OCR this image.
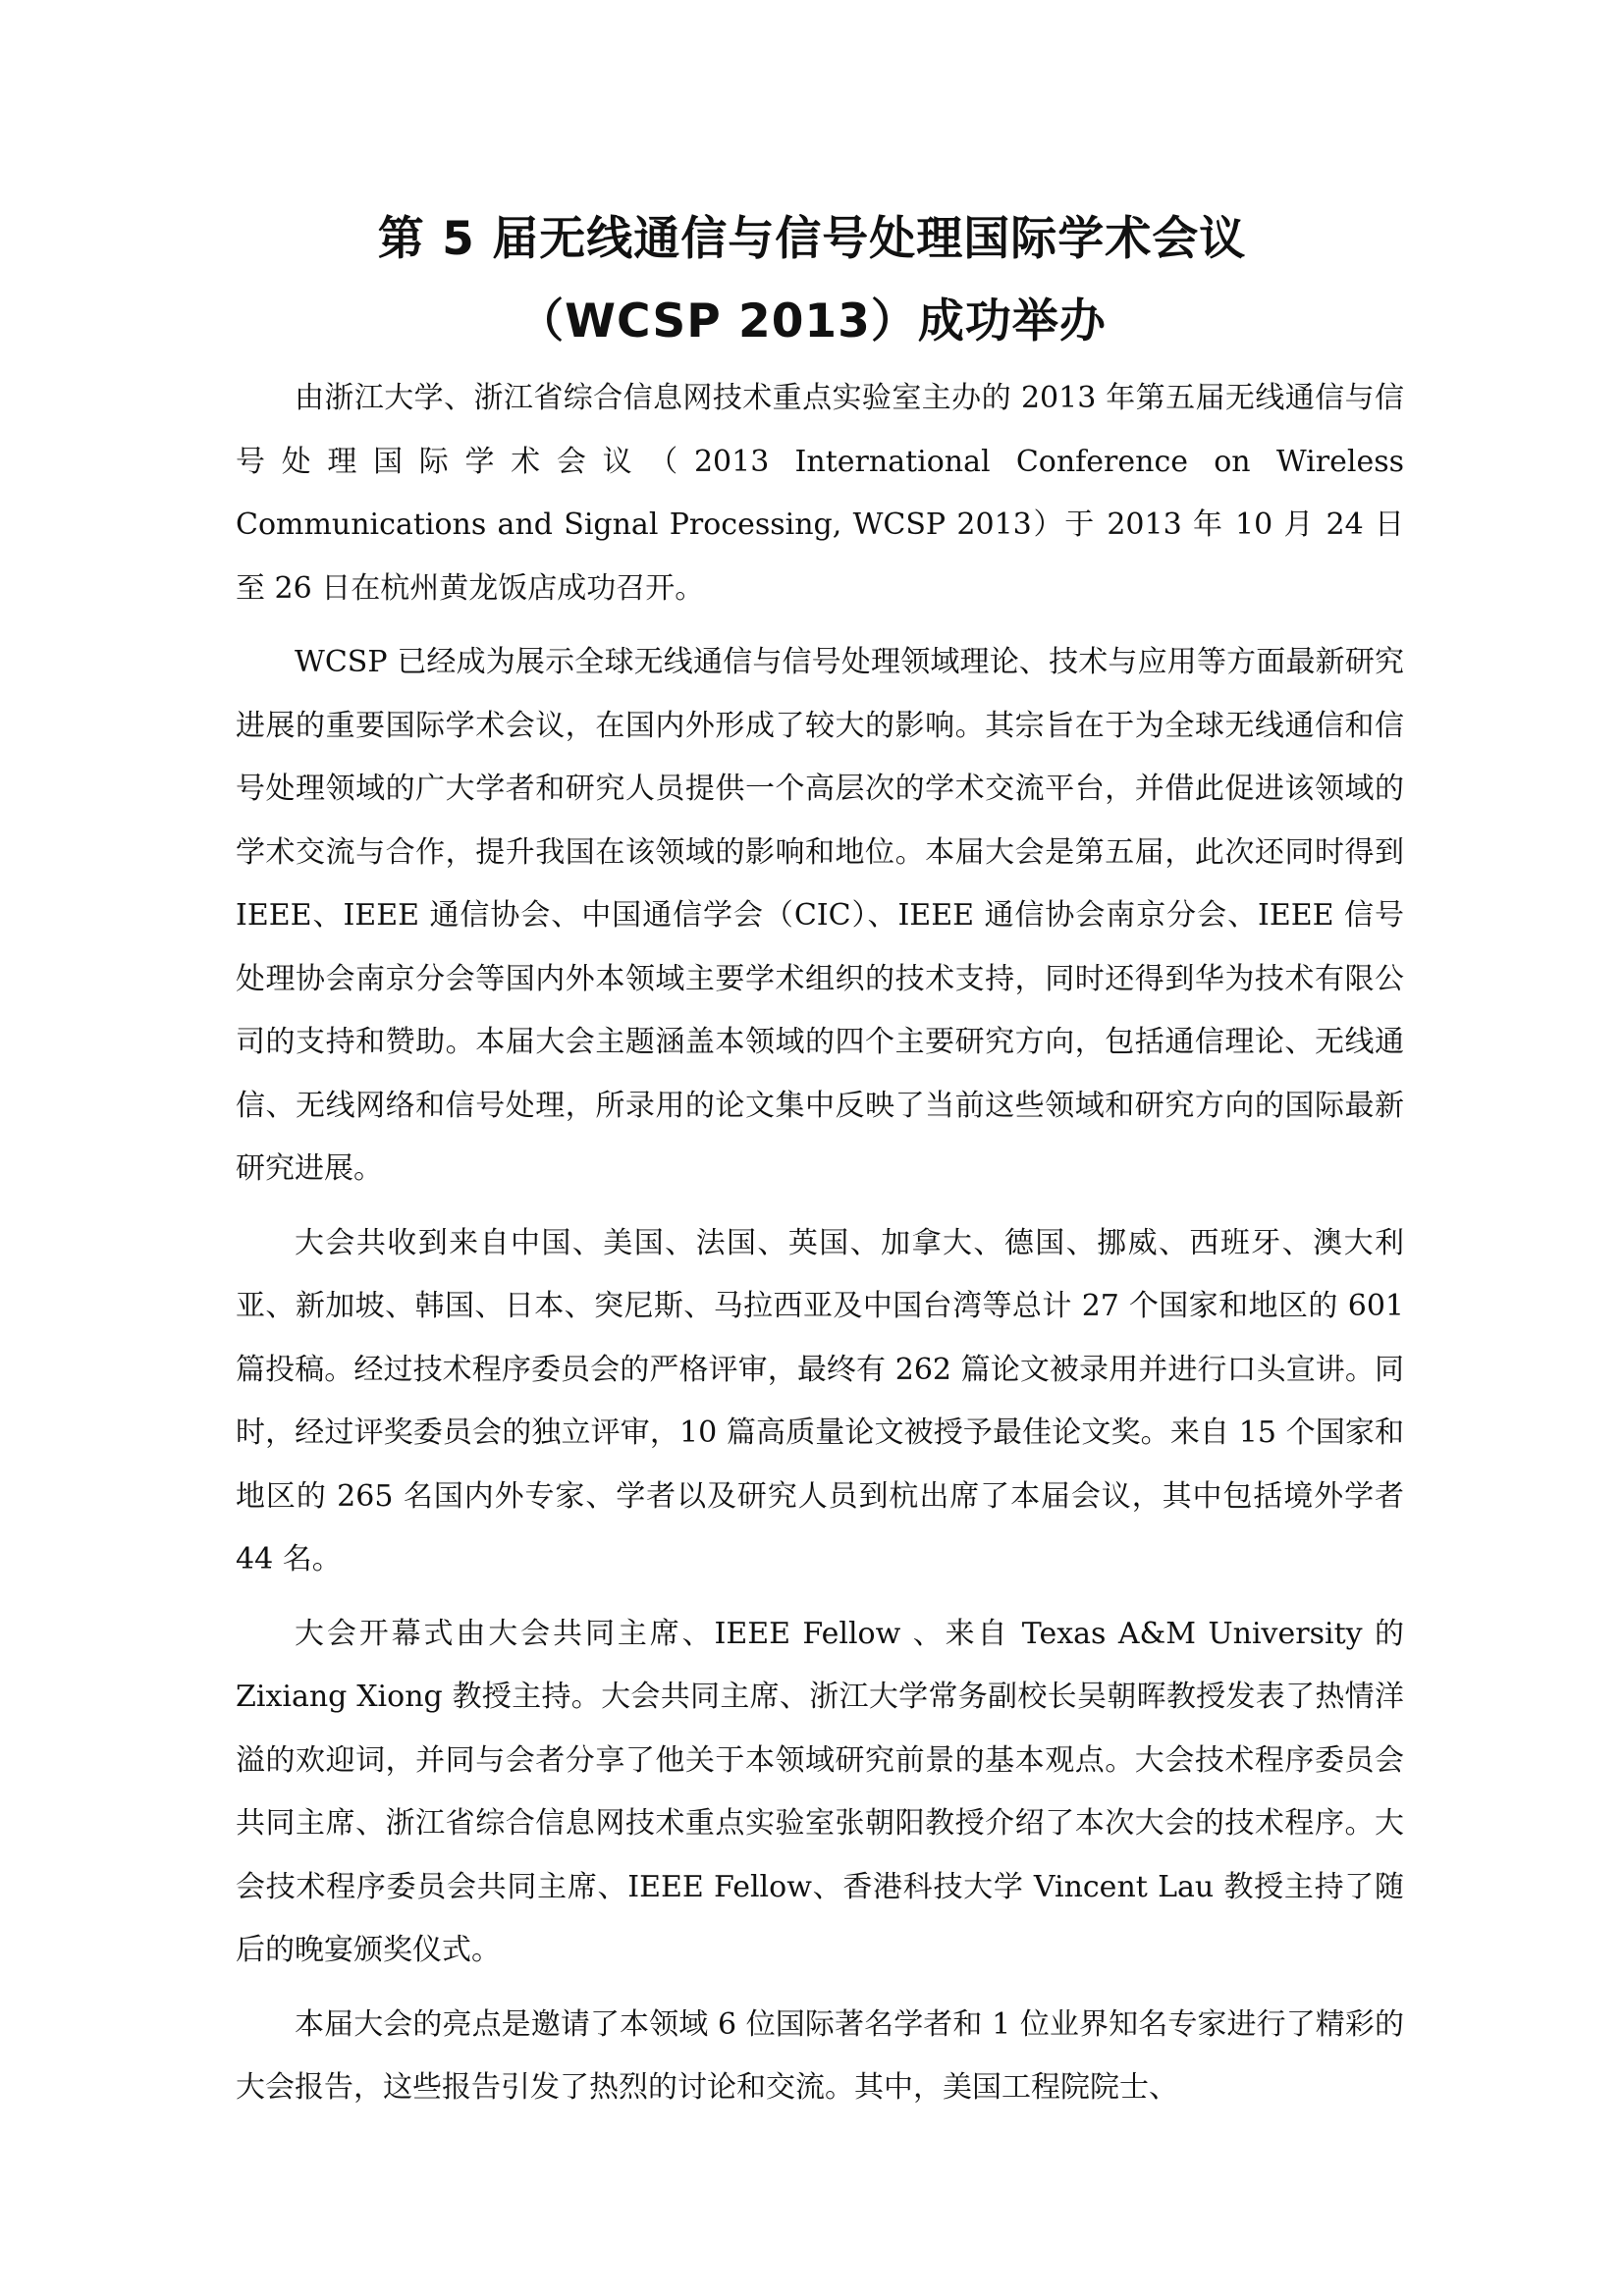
第 5 届无线通信与信号处理国际学术会议
（WCSP 2013）成功举办

由浙江大学、浙江省综合信息网技术重点实验室主办的 2013 年第五届无线通信与信号处理国际学术会议（2013 International Conference on Wireless Communications and Signal Processing, WCSP 2013）于 2013 年 10 月 24 日至 26 日在杭州黄龙饭店成功召开。

WCSP 已经成为展示全球无线通信与信号处理领域理论、技术与应用等方面最新研究进展的重要国际学术会议，在国内外形成了较大的影响。其宗旨在于为全球无线通信和信号处理领域的广大学者和研究人员提供一个高层次的学术交流平台，并借此促进该领域的学术交流与合作，提升我国在该领域的影响和地位。本届大会是第五届，此次还同时得到 IEEE、IEEE 通信协会、中国通信学会（CIC）、IEEE 通信协会南京分会、IEEE 信号处理协会南京分会等国内外本领域主要学术组织的技术支持，同时还得到华为技术有限公司的支持和赞助。本届大会主题涵盖本领域的四个主要研究方向，包括通信理论、无线通信、无线网络和信号处理，所录用的论文集中反映了当前这些领域和研究方向的国际最新研究进展。

大会共收到来自中国、美国、法国、英国、加拿大、德国、挪威、西班牙、澳大利亚、新加坡、韩国、日本、突尼斯、马拉西亚及中国台湾等总计 27 个国家和地区的 601 篇投稿。经过技术程序委员会的严格评审，最终有 262 篇论文被录用并进行口头宣讲。同时，经过评奖委员会的独立评审，10 篇高质量论文被授予最佳论文奖。来自 15 个国家和地区的 265 名国内外专家、学者以及研究人员到杭出席了本届会议，其中包括境外学者 44 名。

大会开幕式由大会共同主席、IEEE Fellow 、来自 Texas A&M University 的 Zixiang Xiong 教授主持。大会共同主席、浙江大学常务副校长吴朝晖教授发表了热情洋溢的欢迎词，并同与会者分享了他关于本领域研究前景的基本观点。大会技术程序委员会共同主席、浙江省综合信息网技术重点实验室张朝阳教授介绍了本次大会的技术程序。大会技术程序委员会共同主席、IEEE Fellow、香港科技大学 Vincent Lau 教授主持了随后的晚宴颁奖仪式。

本届大会的亮点是邀请了本领域 6 位国际著名学者和 1 位业界知名专家进行了精彩的大会报告，这些报告引发了热烈的讨论和交流。其中，美国工程院院士、
